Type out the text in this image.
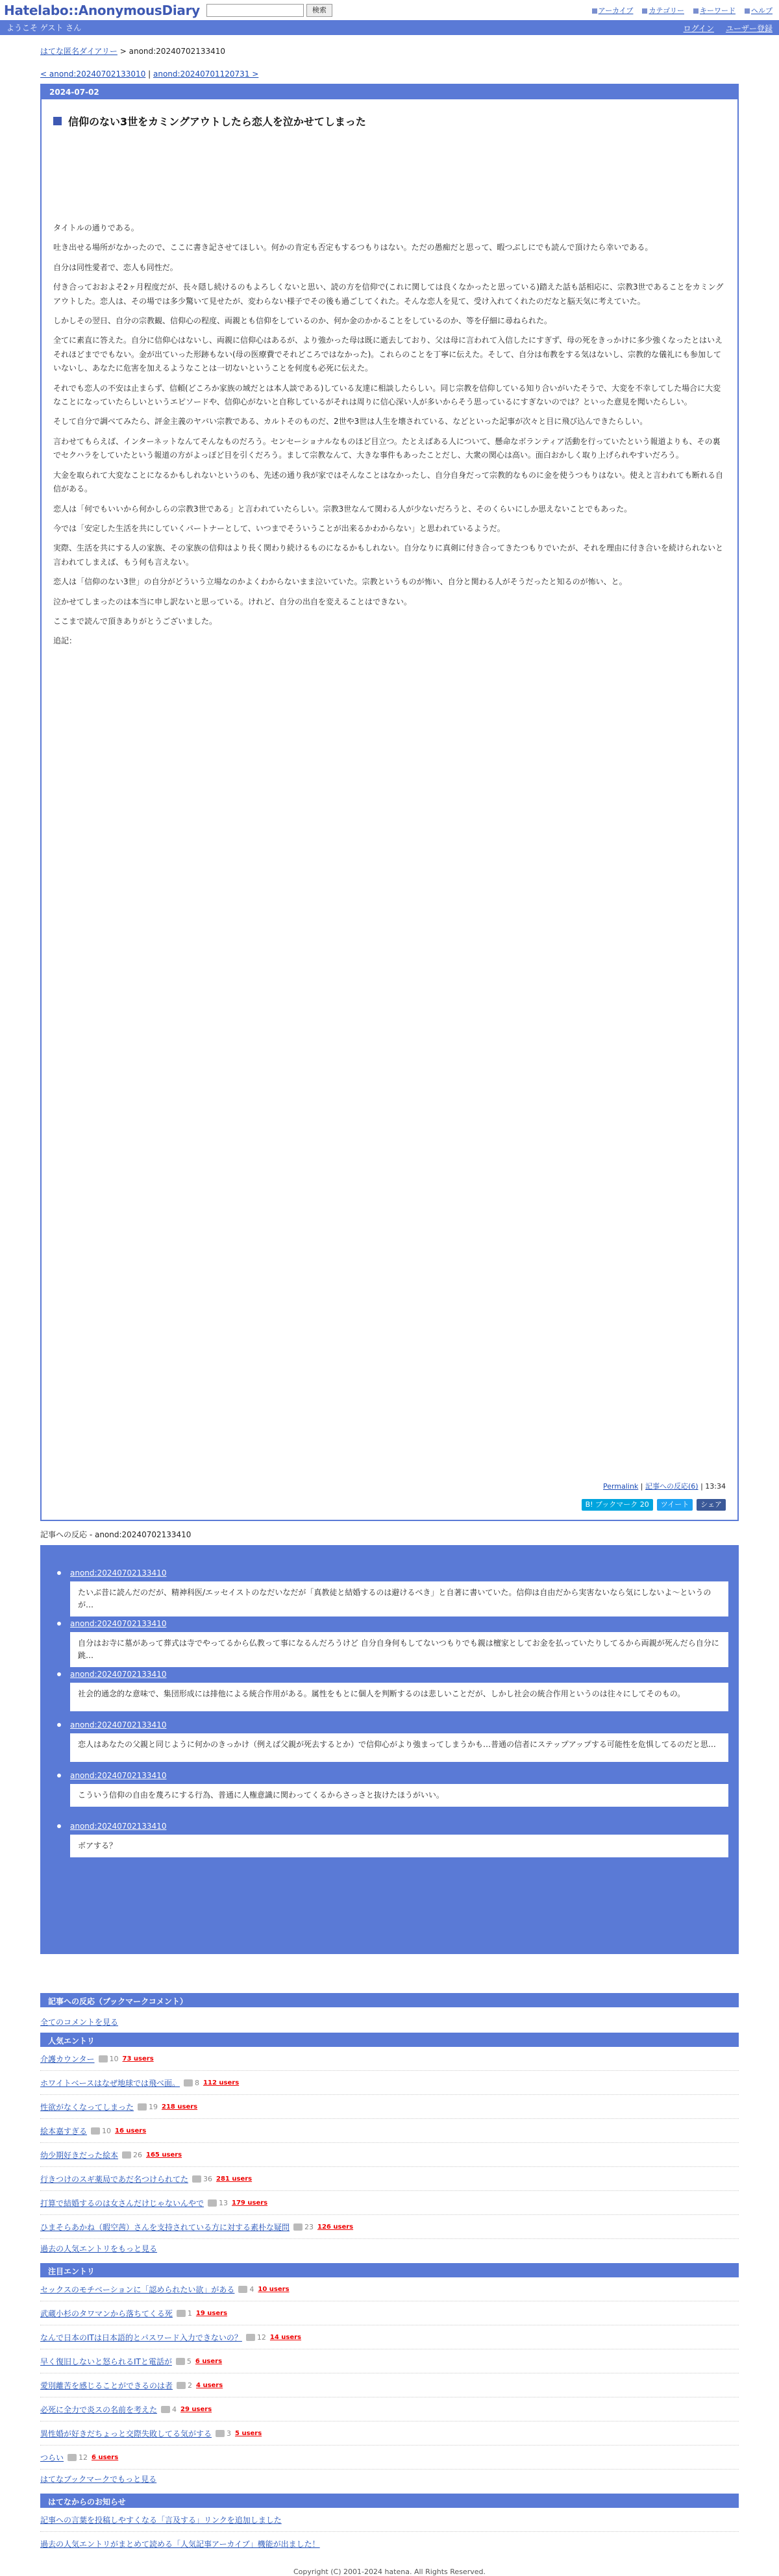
Hatelabo::AnonymousDiary	検索	アーカイブ	カテゴリー	キーワード	ヘルプ
ようこそ ゲスト さん	ログイン ユーザー登録
はてな匿名ダイアリー > anond:20240702133410
< anond:20240702133010 | anond:20240701120731 >
2024-07-02
信仰のない3世をカミングアウトしたら恋人を泣かせてしまった

タイトルの通りである。

吐き出せる場所がなかったので、ここに書き記させてほしい。何かの肯定も否定もするつもりはない。ただの愚痴だと思って、暇つぶしにでも読んで頂けたら幸いである。

自分は同性愛者で、恋人も同性だ。

付き合っておおよそ2ヶ月程度だが、長々隠し続けるのもよろしくないと思い、読の方を信仰で(これに関しては良くなかったと思っている)踏えた話も話相応に、宗教3世であることをカミングアウトした。恋人は、その場では多少驚いて見せたが、変わらない様子でその後も過ごしてくれた。そんな恋人を見て、受け入れてくれたのだなと脳天気に考えていた。

しかしその翌日、自分の宗教観、信仰心の程度、両親とも信仰をしているのか、何か金のかかることをしているのか、等を仔細に尋ねられた。

全てに素直に答えた。自分に信仰心はないし、両親に信仰心はあるが、より強かった母は既に逝去しており、父は母に言われて入信したにすぎず、母の死をきっかけに多少強くなったとはいえそれほどまででもない。金が出ていった形跡もない(母の医療費でそれどころではなかった)。これらのことを丁寧に伝えた。そして、自分は布教をする気はないし、宗教的な儀礼にも参加していないし、あなたに危害を加えるようなことは一切ないということを何度も必死に伝えた。

それでも恋人の不安は止まらず、信頼(どころか家族の域だとは本人談である)している友達に相談したらしい。同じ宗教を信仰している知り合いがいたそうで、大変を不幸してした場合に大変なことになっていたらしいというエピソードや、信仰心がないと自称しているがそれは周りに信心深い人が多いからそう思っているにすぎないのでは？といった意見を聞いたらしい。

そして自分で調べてみたら、評金主義のヤバい宗教である、カルトそのものだ、2世や3世は人生を壊されている、などといった記事が次々と目に飛び込んできたらしい。

言わせてもらえば、インターネットなんてそんなものだろう。センセーショナルなものほど目立つ。たとえばある人について、懸命なボランティア活動を行っていたという報道よりも、その裏でセクハラをしていたという報道の方がよっぽど目を引くだろう。まして宗教なんて、大きな事件もあったことだし、大衆の関心は高い。面白おかしく取り上げられやすいだろう。

大金を取られて大変なことになるかもしれないというのも、先述の通り我が家ではそんなことはなかったし、自分自身だって宗教的なものに金を使うつもりはない。使えと言われても断れる自信がある。

恋人は「何でもいいから何かしらの宗教3世である」と言われていたらしい。宗教3世なんて関わる人が少ないだろうと、そのくらいにしか思えないことでもあった。

今では「安定した生活を共にしていくパートナーとして、いつまでそういうことが出来るかわからない」と思われているようだ。

実際、生活を共にする人の家族、その家族の信仰はより長く関わり続けるものになるかもしれない。自分なりに真剣に付き合ってきたつもりでいたが、それを理由に付き合いを続けられないと言われてしまえば、もう何も言えない。

恋人は「信仰のない3世」の自分がどういう立場なのかよくわからないまま泣いていた。宗教というものが怖い、自分と関わる人がそうだったと知るのが怖い、と。

泣かせてしまったのは本当に申し訳ないと思っている。けれど、自分の出自を変えることはできない。

ここまで読んで頂きありがとうございました。

追記：

Permalink | 記事への反応(6) | 13:34
B! ブックマーク 20	ツイート	シェア
記事への反応 - anond:20240702133410
anond:20240702133410
たいぶ昔に読んだのだが、精神科医/エッセイストのなだいなだが「真教徒と結婚するのは避けるべき」と自著に書いていた。信仰は自由だから実害ないなら気にしないよ～というのが…
anond:20240702133410
自分はお寺に墓があって葬式は寺でやってるから仏教って事になるんだろうけど 自分自身何もしてないつもりでも親は檀家としてお金を払っていたりしてるから両親が死んだら自分に跳…
anond:20240702133410
社会的通念的な意味で、集団形成には排他による統合作用がある。属性をもとに個人を判断するのは悲しいことだが、しかし社会の統合作用というのは往々にしてそのもの。
anond:20240702133410
恋人はあなたの父親と同じように何かのきっかけ（例えば父親が死去するとか）で信仰心がより強まってしまうかも…普通の信者にステップアップする可能性を危惧してるのだと思…
anond:20240702133410
こういう信仰の自由を蔑ろにする行為、普通に人権意識に関わってくるからさっさと抜けたほうがいい。
anond:20240702133410
ボアする？
記事への反応（ブックマークコメント）
全てのコメントを見る
人気エントリ
介護カウンター	10 73 users
ホワイトベースはなぜ地球では飛べ面。	8 112 users
性欲がなくなってしまった	19 218 users
絵本嘉すぎる	10 16 users
幼少期好きだった絵本	26 165 users
行きつけのスギ薬局であだ名つけられてた	36 281 users
打算で結婚するのは女さんだけじゃないんやで	13 179 users
ひまそらあかね（暇空茜）さんを支持されている方に対する素朴な疑問	23 126 users
過去の人気エントリをもっと見る
注目エントリ
セックスのモチベーションに「認められたい欲」がある	4 10 users
武蔵小杉のタワマンから落ちてくる死	1 19 users
なんで日本のITは日本語的とパスワード入力できないの？	12 14 users
早く復旧しないと怒られるITと電話が	5 6 users
愛別離苦を感じることができるのは者	2 4 users
必死に全力で炎スの名前を考えた	4 29 users
異性婚が好きだちょっと交際失敗してる気がする	3 5 users
つらい	12 6 users
はてなブックマークでもっと見る
はてなからのお知らせ
記事への言葉を投稿しやすくなる「言及する」リンクを追加しました
過去の人気エントリがまとめて読める「人気記事アーカイブ」機能が出ました！
Copyright (C) 2001-2024 hatena. All Rights Reserved.
